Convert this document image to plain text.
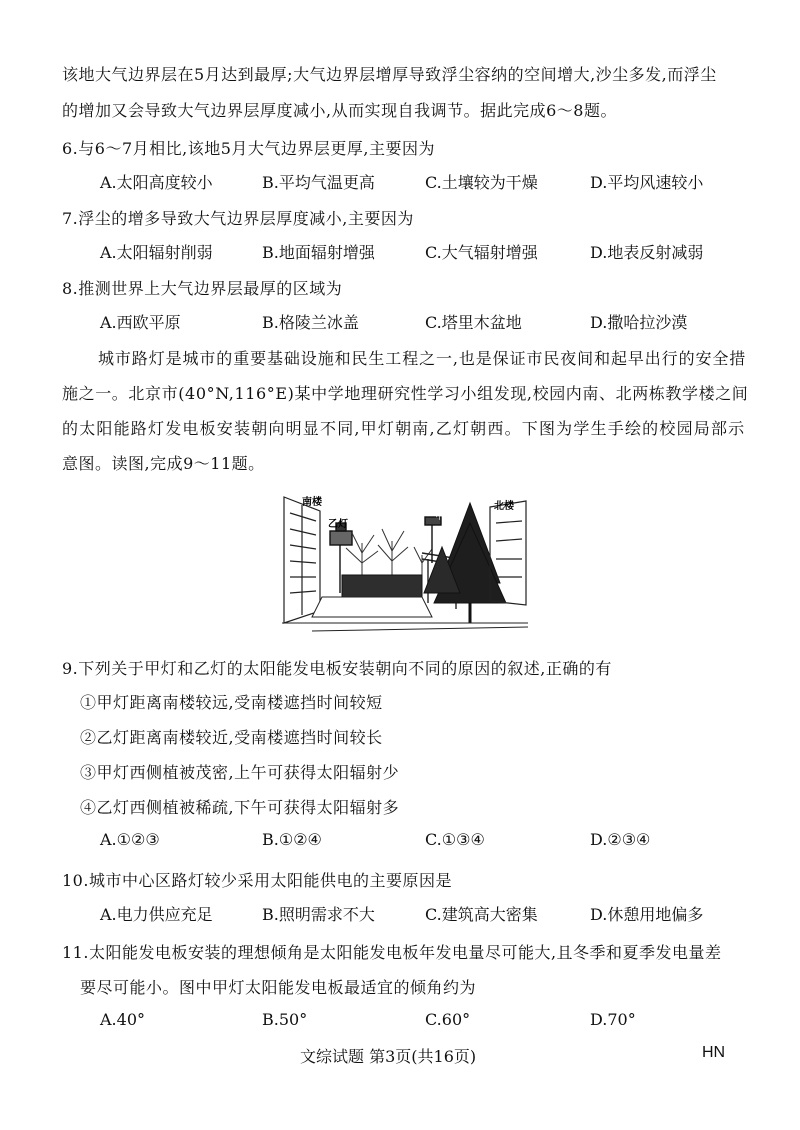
该地大气边界层在5月达到最厚;大气边界层增厚导致浮尘容纳的空间增大,沙尘多发,而浮尘
的增加又会导致大气边界层厚度减小,从而实现自我调节。据此完成6～8题。
6.与6～7月相比,该地5月大气边界层更厚,主要因为
A.太阳高度较小	B.平均气温更高	C.土壤较为干燥	D.平均风速较小
7.浮尘的增多导致大气边界层厚度减小,主要因为
A.太阳辐射削弱	B.地面辐射增强	C.大气辐射增强	D.地表反射减弱
8.推测世界上大气边界层最厚的区域为
A.西欧平原	B.格陵兰冰盖	C.塔里木盆地	D.撒哈拉沙漠
城市路灯是城市的重要基础设施和民生工程之一,也是保证市民夜间和起早出行的安全措
施之一。北京市(40°N,116°E)某中学地理研究性学习小组发现,校园内南、北两栋教学楼之间
的太阳能路灯发电板安装朝向明显不同,甲灯朝南,乙灯朝西。下图为学生手绘的校园局部示
意图。读图,完成9～11题。
南楼
乙灯
甲灯
北楼
9.下列关于甲灯和乙灯的太阳能发电板安装朝向不同的原因的叙述,正确的有
①甲灯距离南楼较远,受南楼遮挡时间较短
②乙灯距离南楼较近,受南楼遮挡时间较长
③甲灯西侧植被茂密,上午可获得太阳辐射少
④乙灯西侧植被稀疏,下午可获得太阳辐射多
A.①②③	B.①②④	C.①③④	D.②③④
10.城市中心区路灯较少采用太阳能供电的主要原因是
A.电力供应充足	B.照明需求不大	C.建筑高大密集	D.休憩用地偏多
11.太阳能发电板安装的理想倾角是太阳能发电板年发电量尽可能大,且冬季和夏季发电量差
要尽可能小。图中甲灯太阳能发电板最适宜的倾角约为
A.40°	B.50°	C.60°	D.70°
文综试题 第3页(共16页)	HN
